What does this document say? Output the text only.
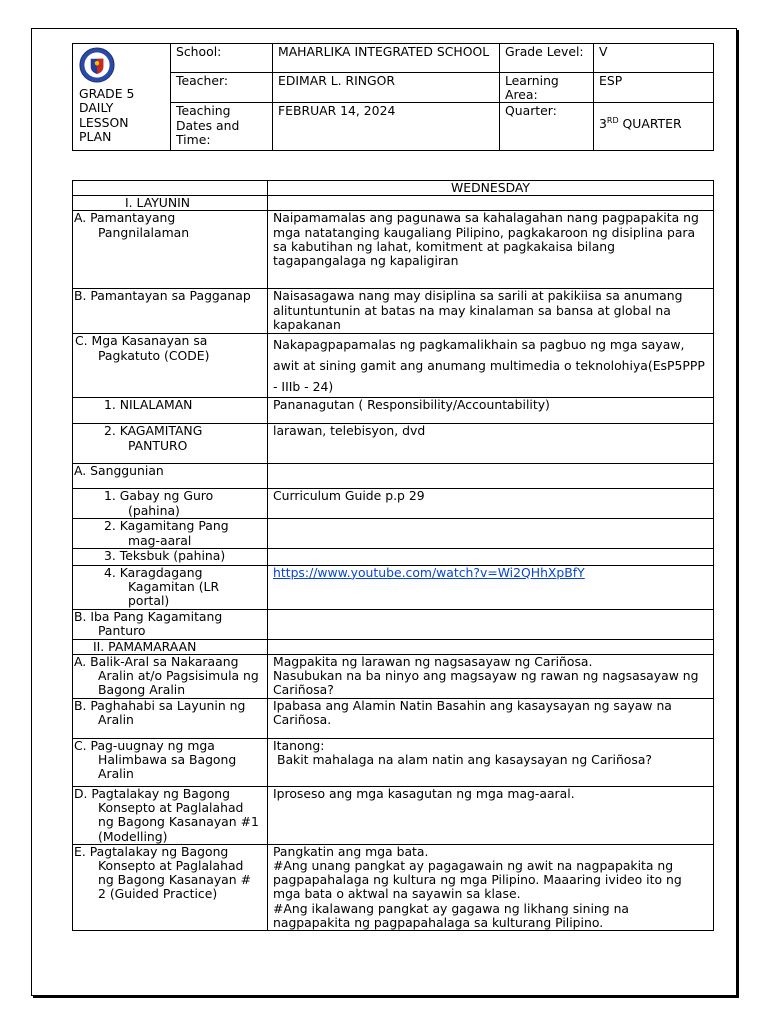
GRADE 5
DAILY
LESSON
PLAN	School:	MAHARLIKA INTEGRATED SCHOOL	Grade Level:	V
	Teacher:	EDIMAR L. RINGOR	Learning Area:	ESP
	Teaching Dates and Time:	FEBRUAR 14, 2024	Quarter:	3RD QUARTER
	WEDNESDAY
I. LAYUNIN	
A. Pamantayang Pangnilalaman	Naipamamalas ang pagunawa sa kahalagahan nang pagpapakita ng mga natatanging kaugaliang Pilipino, pagkakaroon ng disiplina para sa kabutihan ng lahat, komitment at pagkakaisa bilang tagapangalaga ng kapaligiran
B. Pamantayan sa Pagganap	Naisasagawa nang may disiplina sa sarili at pakikiisa sa anumang alituntuntunin at batas na may kinalaman sa bansa at global na kapakanan
C. Mga Kasanayan sa Pagkatuto (CODE)	Nakapagpapamalas ng pagkamalikhain sa pagbuo ng mga sayaw, awit at sining gamit ang anumang multimedia o teknolohiya(EsP5PPP - IIIb - 24)
1. NILALAMAN	Pananagutan ( Responsibility/Accountability)
2. KAGAMITANG PANTURO	larawan, telebisyon, dvd
A. Sanggunian	
1. Gabay ng Guro (pahina)	Curriculum Guide p.p 29
2. Kagamitang Pang mag-aaral	
3. Teksbuk (pahina)	
4. Karagdagang Kagamitan (LR portal)	https://www.youtube.com/watch?v=Wi2QHhXpBfY
B. Iba Pang Kagamitang Panturo	
II. PAMAMARAAN	
A. Balik-Aral sa Nakaraang Aralin at/o Pagsisimula ng Bagong Aralin	Magpakita ng larawan ng nagsasayaw ng Cariñosa.
Nasubukan na ba ninyo ang magsayaw ng rawan ng nagsasayaw ng Cariñosa?

B. Paghahabi sa Layunin ng Aralin	Ipabasa ang Alamin Natin Basahin ang kasaysayan ng sayaw na Cariñosa.
C. Pag-uugnay ng mga Halimbawa sa Bagong Aralin	Itanong:
Bakit mahalaga na alam natin ang kasaysayan ng Cariñosa?

D. Pagtalakay ng Bagong Konsepto at Paglalahad ng Bagong Kasanayan #1 (Modelling)	Iproseso ang mga kasagutan ng mga mag-aaral.
E. Pagtalakay ng Bagong Konsepto at Paglalahad ng Bagong Kasanayan # 2 (Guided Practice)	Pangkatin ang mga bata.
#Ang unang pangkat ay pagagawain ng awit na nagpapakita ng pagpapahalaga ng kultura ng mga Pilipino. Maaaring ivideo ito ng mga bata o aktwal na sayawin sa klase.
#Ang ikalawang pangkat ay gagawa ng likhang sining na nagpapakita ng pagpapahalaga sa kulturang Pilipino.
